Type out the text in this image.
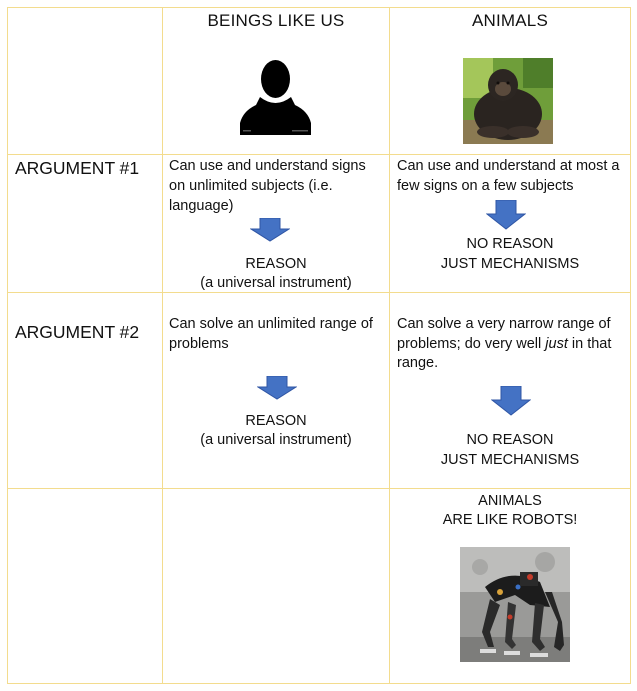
BEINGS LIKE US	ANIMALS
ARGUMENT #1 Can use and understand signs
on unlimited subjects (i.e.
language)
REASON
(a universal instrument)
Can use and understand at most a
few signs on a few subjects
NO REASON
JUST MECHANISMS
ARGUMENT #2 Can solve an unlimited range of
problems
REASON
(a universal instrument)
Can solve a very narrow range of
problems; do very well just in that
range.
NO REASON
JUST MECHANISMS
ANIMALS
ARE LIKE ROBOTS!
